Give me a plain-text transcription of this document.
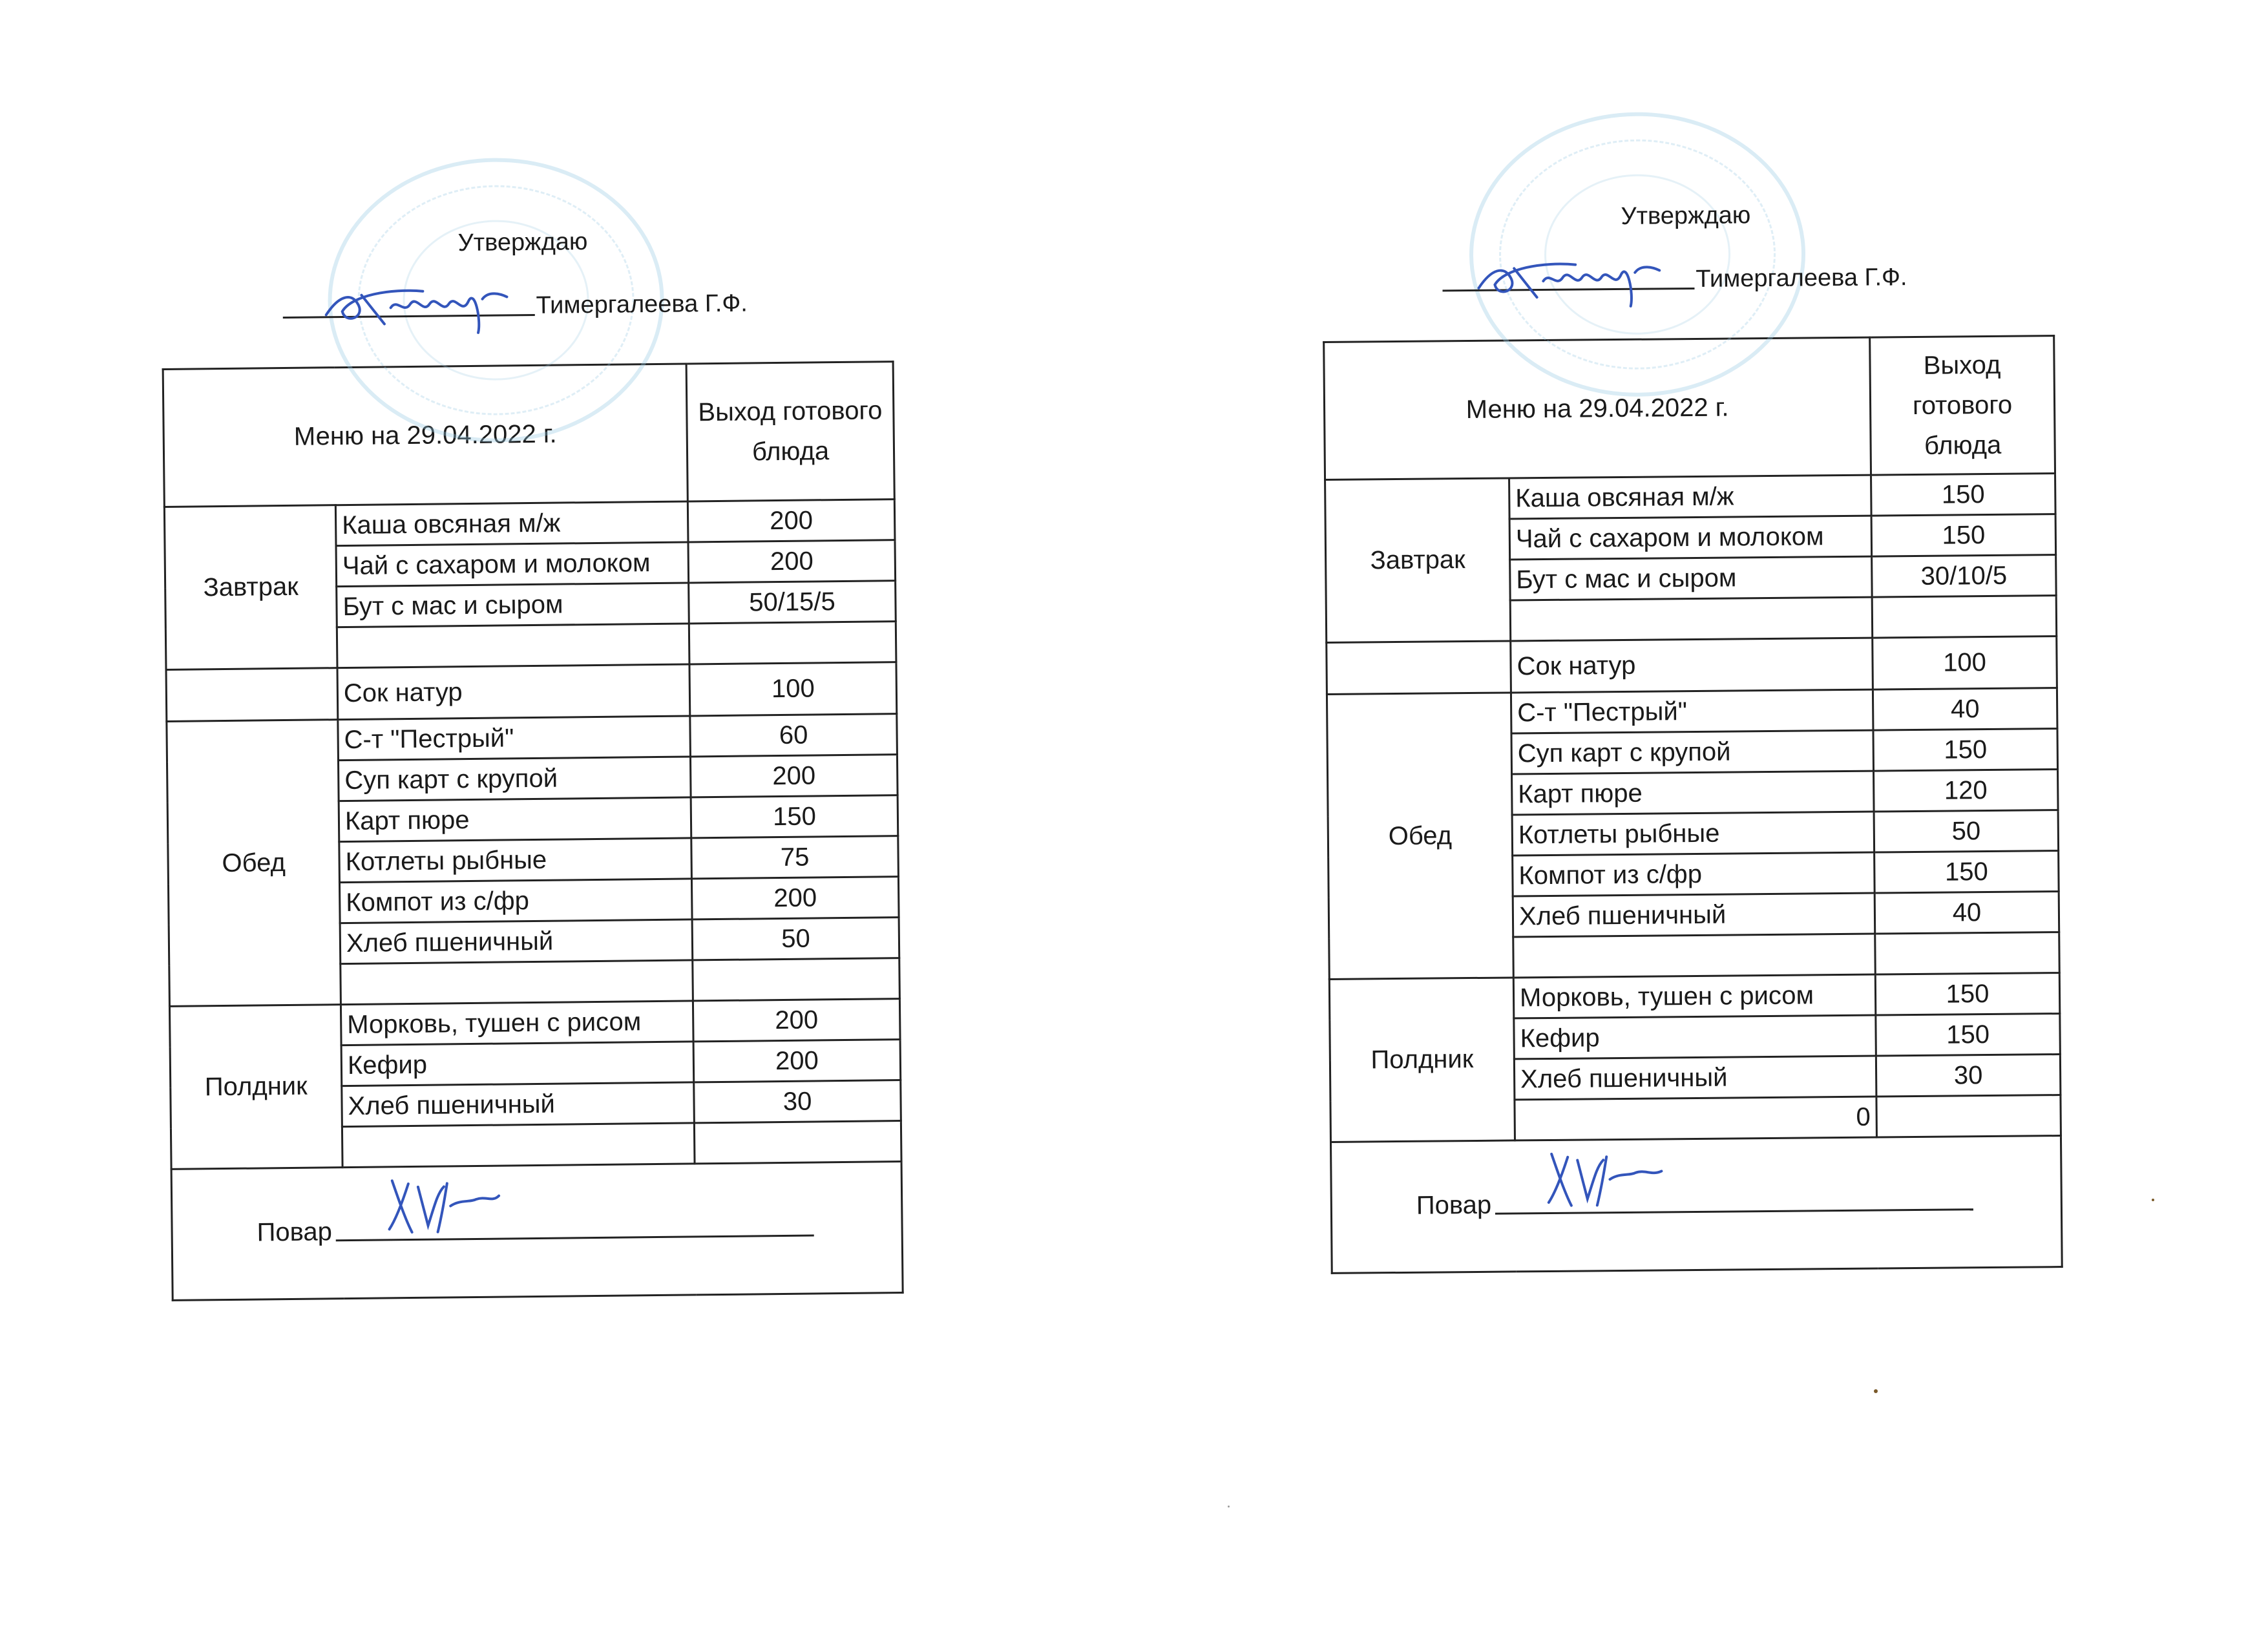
Утверждаю
Тимергалеева Г.Ф.
Меню на 29.04.2022 г.		Выход готового блюда
Завтрак	Каша овсяная м/ж	200
	Чай с сахаром и молоком	200
	Бут с мас и сыром	50/15/5

	Сок натур	100
Обед	С-т "Пестрый"	60
	Суп карт с крупой	200
	Карт пюре	150
	Котлеты рыбные	75
	Компот из с/фр	200
	Хлеб пшеничный	50

Полдник	Морковь, тушен с рисом	200
	Кефир	200
	Хлеб пшеничный	30

Повар		
Утверждаю
Тимергалеева Г.Ф.
Меню на 29.04.2022 г.		Выход готового блюда
Завтрак	Каша овсяная м/ж	150
	Чай с сахаром и молоком	150
	Бут с мас и сыром	30/10/5

	Сок натур	100
Обед	С-т "Пестрый"	40
	Суп карт с крупой	150
	Карт пюре	120
	Котлеты рыбные	50
	Компот из с/фр	150
	Хлеб пшеничный	40

Полдник	Морковь, тушен с рисом	150
	Кефир	150
	Хлеб пшеничный	30
	0	

Повар		
